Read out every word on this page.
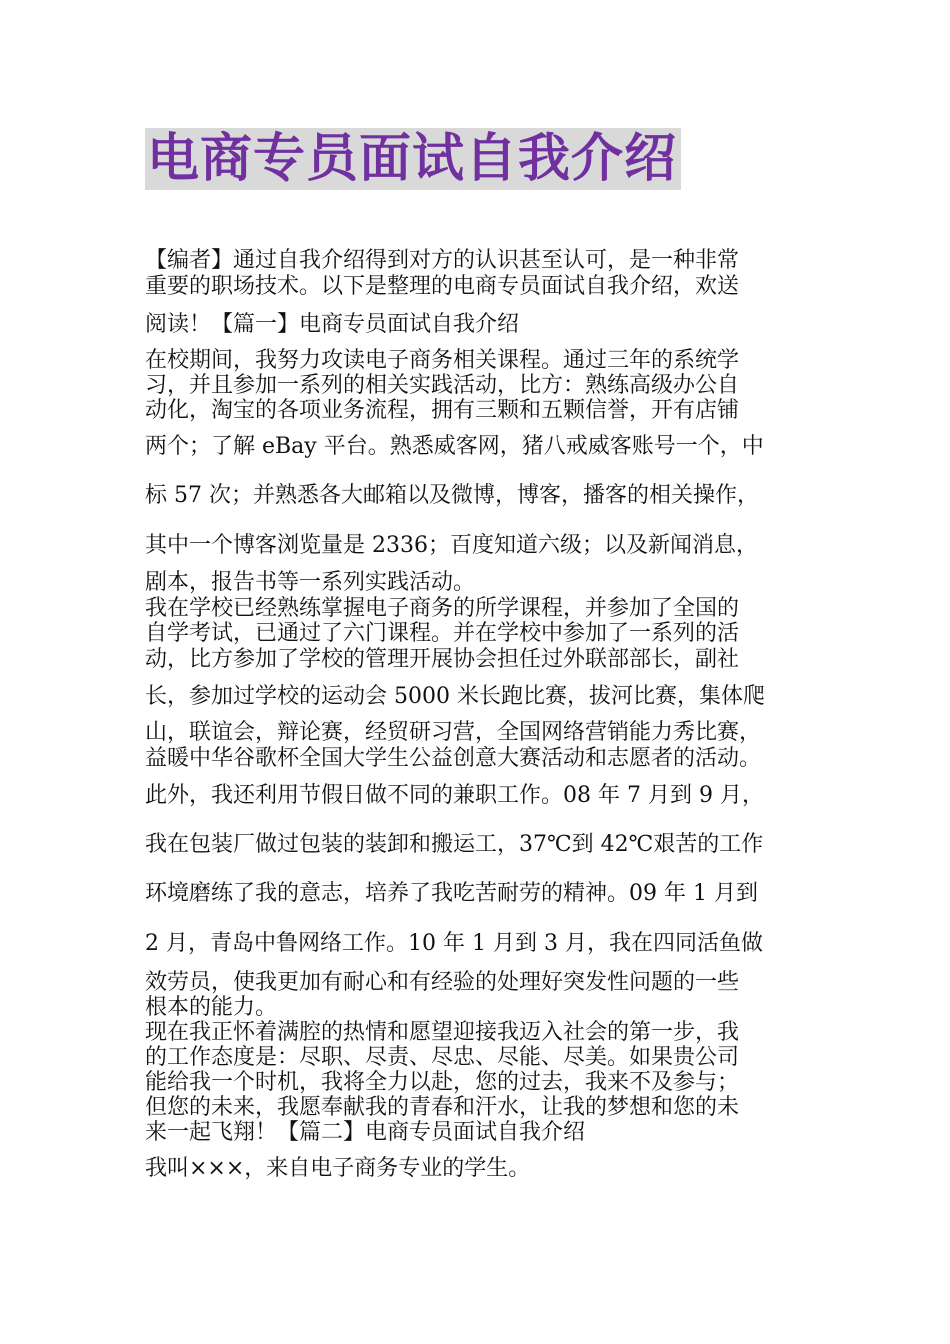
电商专员面试自我介绍

【编者】通过自我介绍得到对方的认识甚至认可，是一种非常

重要的职场技术。以下是整理的电商专员面试自我介绍，欢送

阅读！【篇一】电商专员面试自我介绍

在校期间，我努力攻读电子商务相关课程。通过三年的系统学

习，并且参加一系列的相关实践活动，比方：熟练高级办公自

动化，淘宝的各项业务流程，拥有三颗和五颗信誉，开有店铺

两个；了解 eBay 平台。熟悉威客网，猪八戒威客账号一个，中

标 57 次；并熟悉各大邮箱以及微博，博客，播客的相关操作，

其中一个博客浏览量是 2336；百度知道六级；以及新闻消息，

剧本，报告书等一系列实践活动。

我在学校已经熟练掌握电子商务的所学课程，并参加了全国的

自学考试，已通过了六门课程。并在学校中参加了一系列的活

动，比方参加了学校的管理开展协会担任过外联部部长，副社

长，参加过学校的运动会 5000 米长跑比赛，拔河比赛，集体爬

山，联谊会，辩论赛，经贸研习营，全国网络营销能力秀比赛，

益暖中华谷歌杯全国大学生公益创意大赛活动和志愿者的活动。

此外，我还利用节假日做不同的兼职工作。08 年 7 月到 9 月，

我在包装厂做过包装的装卸和搬运工，37℃到 42℃艰苦的工作

环境磨练了我的意志，培养了我吃苦耐劳的精神。09 年 1 月到

2 月，青岛中鲁网络工作。10 年 1 月到 3 月，我在四同活鱼做

效劳员，使我更加有耐心和有经验的处理好突发性问题的一些

根本的能力。

现在我正怀着满腔的热情和愿望迎接我迈入社会的第一步，我

的工作态度是：尽职、尽责、尽忠、尽能、尽美。如果贵公司

能给我一个时机，我将全力以赴，您的过去，我来不及参与；

但您的未来，我愿奉献我的青春和汗水，让我的梦想和您的未

来一起飞翔！【篇二】电商专员面试自我介绍

我叫×××，来自电子商务专业的学生。
